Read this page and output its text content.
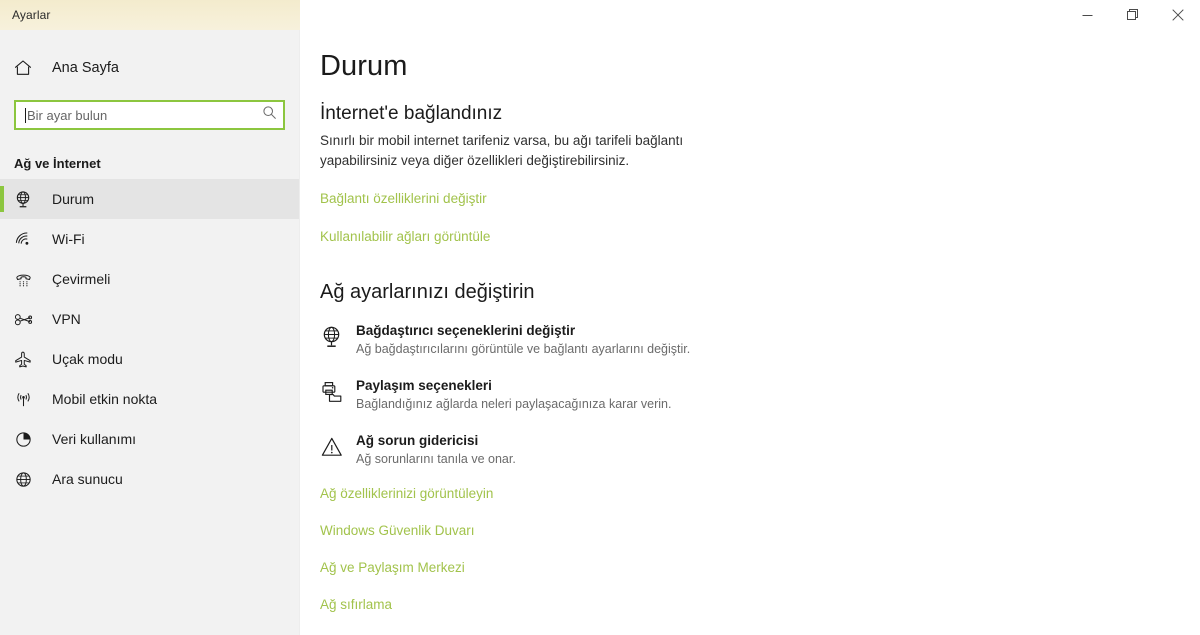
Ayarlar
Ana Sayfa
Bir ayar bulun
Ağ ve İnternet
Durum
Wi-Fi
Çevirmeli
VPN
Uçak modu
Mobil etkin nokta
Veri kullanımı
Ara sunucu
Durum
İnternet'e bağlandınız
Sınırlı bir mobil internet tarifeniz varsa, bu ağı tarifeli bağlantı yapabilirsiniz veya diğer özellikleri değiştirebilirsiniz.
Bağlantı özelliklerini değiştir
Kullanılabilir ağları görüntüle
Ağ ayarlarınızı değiştirin
Bağdaştırıcı seçeneklerini değiştir
Ağ bağdaştırıcılarını görüntüle ve bağlantı ayarlarını değiştir.
Paylaşım seçenekleri
Bağlandığınız ağlarda neleri paylaşacağınıza karar verin.
Ağ sorun gidericisi
Ağ sorunlarını tanıla ve onar.
Ağ özelliklerinizi görüntüleyin
Windows Güvenlik Duvarı
Ağ ve Paylaşım Merkezi
Ağ sıfırlama
